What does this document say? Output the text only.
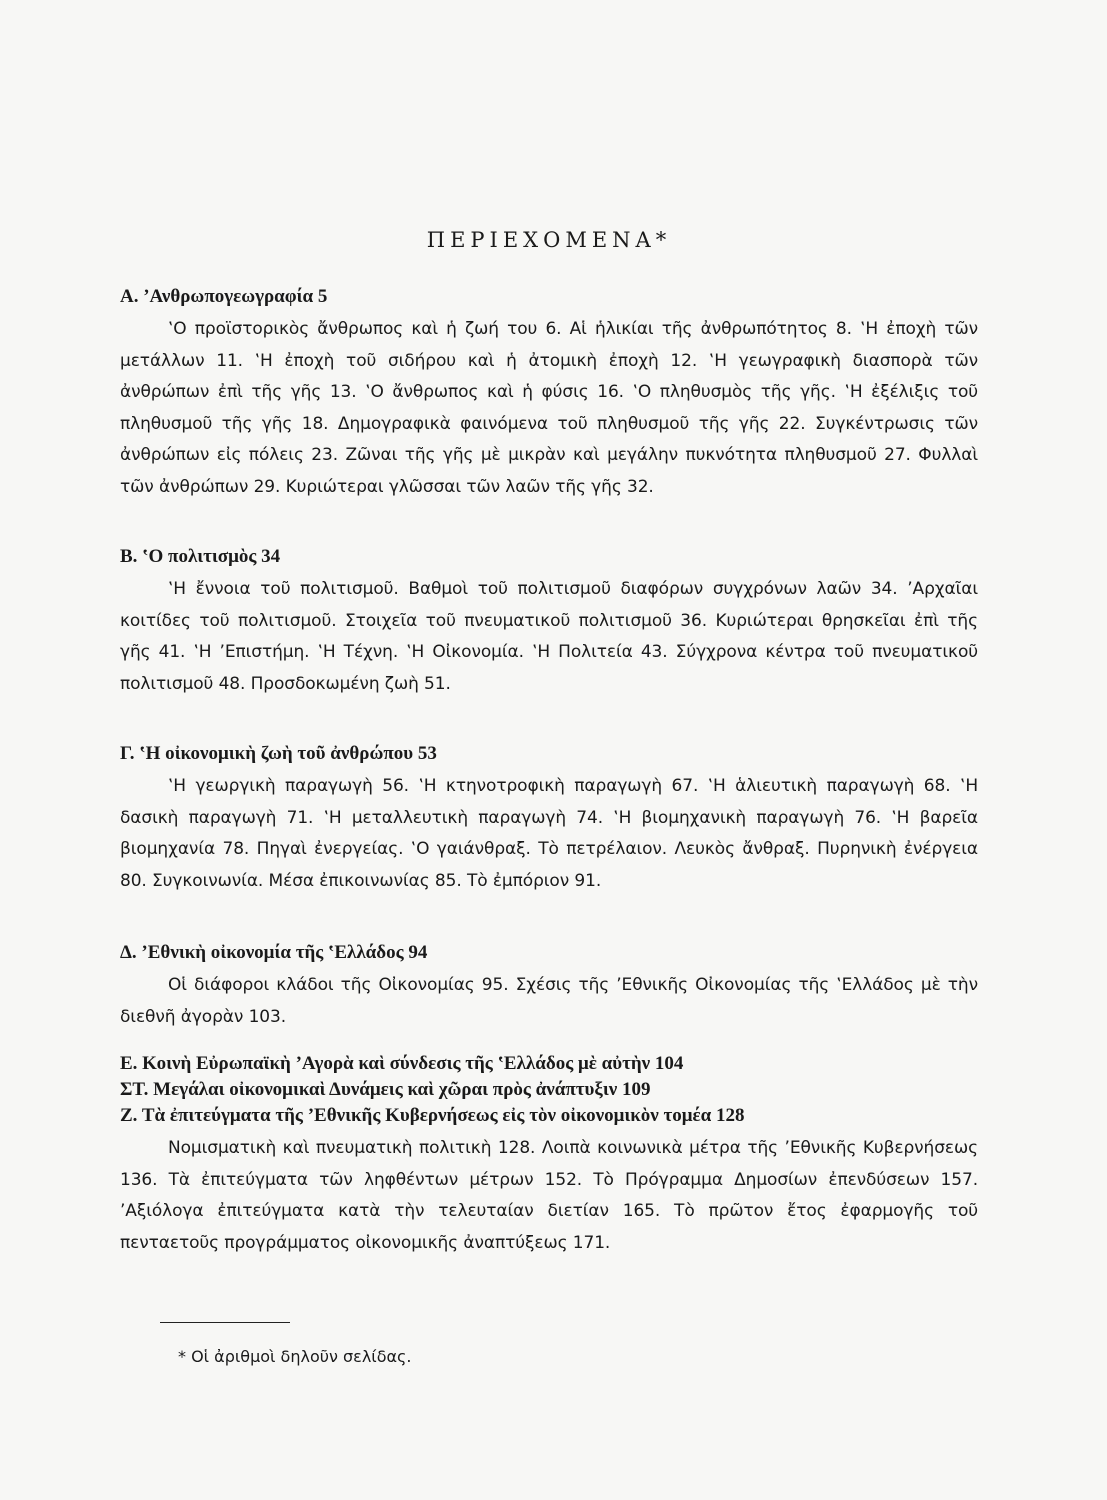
ΠΕΡΙΕΧΟΜΕΝΑ*
Α. ’Ανθρωπογεωγραφία 5
‛Ο προϊστορικὸς ἄνθρωπος καὶ ἡ ζωή του 6. Αἱ ἡλικίαι τῆς ἀνθρωπότητος 8. ‛Η ἐποχὴ τῶν μετάλλων 11. ‛Η ἐποχὴ τοῦ σιδήρου καὶ ἡ ἀτομικὴ ἐποχὴ 12. ‛Η γεωγραφικὴ διασπορὰ τῶν ἀνθρώπων ἐπὶ τῆς γῆς 13. ‛Ο ἄνθρωπος καὶ ἡ φύσις 16. ‛Ο πληθυσμὸς τῆς γῆς. ‛Η ἐξέλιξις τοῦ πληθυσμοῦ τῆς γῆς 18. Δημογραφικὰ φαινόμενα τοῦ πληθυσμοῦ τῆς γῆς 22. Συγκέντρωσις τῶν ἀνθρώπων εἰς πόλεις 23. Ζῶναι τῆς γῆς μὲ μικρὰν καὶ μεγάλην πυκνότητα πληθυσμοῦ 27. Φυλλαὶ τῶν ἀνθρώπων 29. Κυριώτεραι γλῶσσαι τῶν λαῶν τῆς γῆς 32.
Β. ‛Ο πολιτισμὸς 34
‛Η ἔννοια τοῦ πολιτισμοῦ. Βαθμοὶ τοῦ πολιτισμοῦ διαφόρων συγχρόνων λαῶν 34. ’Αρχαῖαι κοιτίδες τοῦ πολιτισμοῦ. Στοιχεῖα τοῦ πνευματικοῦ πολιτισμοῦ 36. Κυριώτεραι θρησκεῖαι ἐπὶ τῆς γῆς 41. ‛Η ’Επιστήμη. ‛Η Τέχνη. ‛Η Οἰκονομία. ‛Η Πολιτεία 43. Σύγχρονα κέντρα τοῦ πνευματικοῦ πολιτισμοῦ 48. Προσδοκωμένη ζωὴ 51.
Γ. ‛Η οἰκονομικὴ ζωὴ τοῦ ἀνθρώπου 53
‛Η γεωργικὴ παραγωγὴ 56. ‛Η κτηνοτροφικὴ παραγωγὴ 67. ‛Η ἁλιευτικὴ παραγωγὴ 68. ‛Η δασικὴ παραγωγὴ 71. ‛Η μεταλλευτικὴ παραγωγὴ 74. ‛Η βιομηχανικὴ παραγωγὴ 76. ‛Η βαρεῖα βιομηχανία 78. Πηγαὶ ἐνεργείας. ‛Ο γαιάνθραξ. Τὸ πετρέλαιον. Λευκὸς ἄνθραξ. Πυρηνικὴ ἐνέργεια 80. Συγκοινωνία. Μέσα ἐπικοινωνίας 85. Τὸ ἐμπόριον 91.
Δ. ’Εθνικὴ οἰκονομία τῆς ‛Ελλάδος 94
Οἱ διάφοροι κλάδοι τῆς Οἰκονομίας 95. Σχέσις τῆς ’Εθνικῆς Οἰκονομίας τῆς ‛Ελλάδος μὲ τὴν διεθνῆ ἀγορὰν 103.
Ε. Κοινὴ Εὐρωπαϊκὴ ’Αγορὰ καὶ σύνδεσις τῆς ‛Ελλάδος μὲ αὐτὴν 104
ΣΤ. Μεγάλαι οἰκονομικαὶ Δυνάμεις καὶ χῶραι πρὸς ἀνάπτυξιν 109
Ζ. Τὰ ἐπιτεύγματα τῆς ’Εθνικῆς Κυβερνήσεως εἰς τὸν οἰκονομικὸν τομέα 128
Νομισματικὴ καὶ πνευματικὴ πολιτικὴ 128. Λοιπὰ κοινωνικὰ μέτρα τῆς ’Εθνικῆς Κυβερνήσεως 136. Τὰ ἐπιτεύγματα τῶν ληφθέντων μέτρων 152. Τὸ Πρόγραμμα Δημοσίων ἐπενδύσεων 157. ’Αξιόλογα ἐπιτεύγματα κατὰ τὴν τελευταίαν διετίαν 165. Τὸ πρῶτον ἔτος ἐφαρμογῆς τοῦ πενταετοῦς προγράμματος οἰκονομικῆς ἀναπτύξεως 171.
* Οἱ ἀριθμοὶ δηλοῦν σελίδας.
